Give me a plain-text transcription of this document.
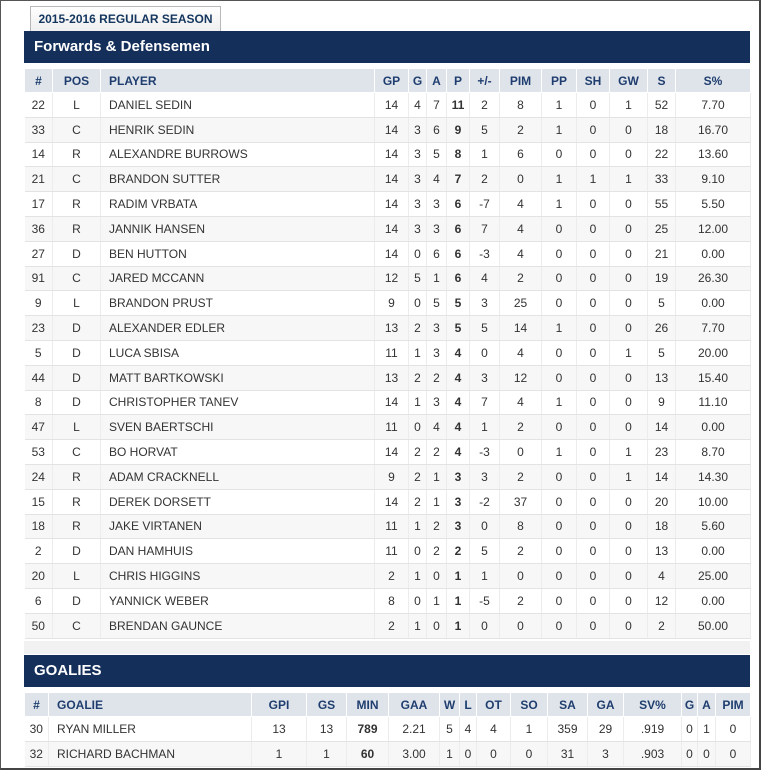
2015-2016 REGULAR SEASON
Forwards & Defensemen
#	POS	PLAYER	GP	G	A	P	+/-	PIM	PP	SH	GW	S	S%
22	L	DANIEL SEDIN	14	4	7	11	2	8	1	0	1	52	7.70
33	C	HENRIK SEDIN	14	3	6	9	5	2	1	0	0	18	16.70
14	R	ALEXANDRE BURROWS	14	3	5	8	1	6	0	0	0	22	13.60
21	C	BRANDON SUTTER	14	3	4	7	2	0	1	1	1	33	9.10
17	R	RADIM VRBATA	14	3	3	6	-7	4	1	0	0	55	5.50
36	R	JANNIK HANSEN	14	3	3	6	7	4	0	0	0	25	12.00
27	D	BEN HUTTON	14	0	6	6	-3	4	0	0	0	21	0.00
91	C	JARED MCCANN	12	5	1	6	4	2	0	0	0	19	26.30
9	L	BRANDON PRUST	9	0	5	5	3	25	0	0	0	5	0.00
23	D	ALEXANDER EDLER	13	2	3	5	5	14	1	0	0	26	7.70
5	D	LUCA SBISA	11	1	3	4	0	4	0	0	1	5	20.00
44	D	MATT BARTKOWSKI	13	2	2	4	3	12	0	0	0	13	15.40
8	D	CHRISTOPHER TANEV	14	1	3	4	7	4	1	0	0	9	11.10
47	L	SVEN BAERTSCHI	11	0	4	4	1	2	0	0	0	14	0.00
53	C	BO HORVAT	14	2	2	4	-3	0	1	0	1	23	8.70
24	R	ADAM CRACKNELL	9	2	1	3	3	2	0	0	1	14	14.30
15	R	DEREK DORSETT	14	2	1	3	-2	37	0	0	0	20	10.00
18	R	JAKE VIRTANEN	11	1	2	3	0	8	0	0	0	18	5.60
2	D	DAN HAMHUIS	11	0	2	2	5	2	0	0	0	13	0.00
20	L	CHRIS HIGGINS	2	1	0	1	1	0	0	0	0	4	25.00
6	D	YANNICK WEBER	8	0	1	1	-5	2	0	0	0	12	0.00
50	C	BRENDAN GAUNCE	2	1	0	1	0	0	0	0	0	2	50.00
GOALIES
#	GOALIE	GPI	GS	MIN	GAA	W	L	OT	SO	SA	GA	SV%	G	A	PIM
30	RYAN MILLER	13	13	789	2.21	5	4	4	1	359	29	.919	0	1	0
32	RICHARD BACHMAN	1	1	60	3.00	1	0	0	0	31	3	.903	0	0	0
